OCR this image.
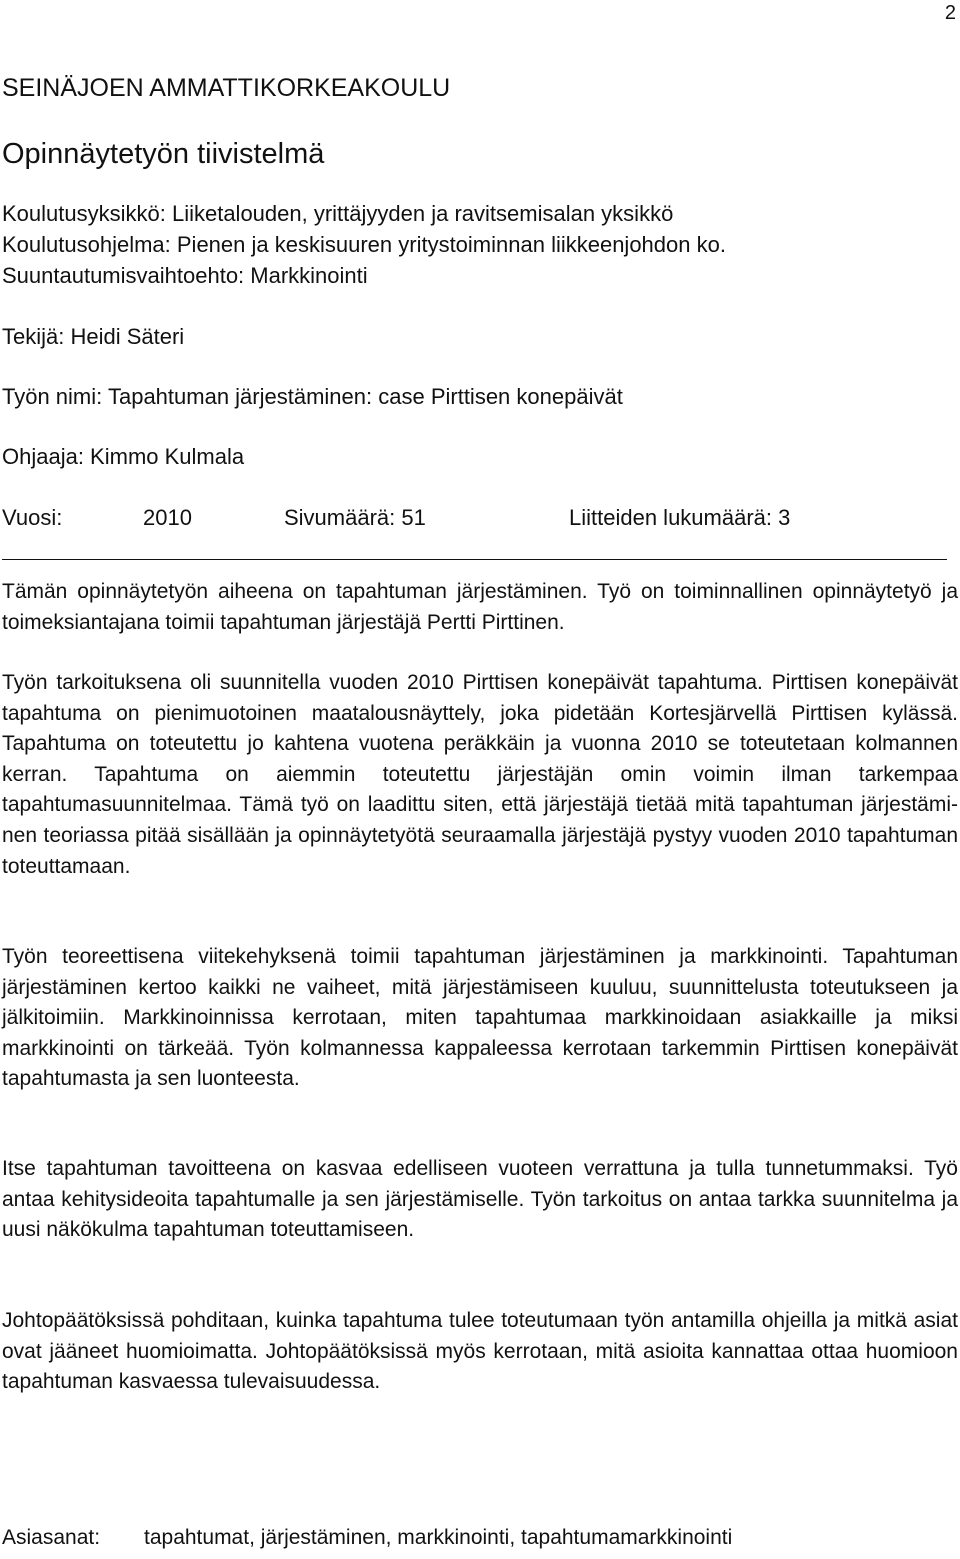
2
SEINÄJOEN AMMATTIKORKEAKOULU
Opinnäytetyön tiivistelmä
Koulutusyksikkö: Liiketalouden, yrittäjyyden ja ravitsemisalan yksikkö
Koulutusohjelma: Pienen ja keskisuuren yritystoiminnan liikkeenjohdon ko.
Suuntautumisvaihtoehto: Markkinointi
Tekijä: Heidi Säteri
Työn nimi: Tapahtuman järjestäminen: case Pirttisen konepäivät
Ohjaaja: Kimmo Kulmala
Vuosi:	2010	Sivumäärä: 51	Liitteiden lukumäärä: 3

Tämän opinnäytetyön aiheena on tapahtuman järjestäminen. Työ on toiminnallinen opinnäytetyö ja toimeksiantajana toimii tapahtuman järjestäjä Pertti Pirttinen.

Työn tarkoituksena oli suunnitella vuoden 2010 Pirttisen konepäivät tapahtuma. Pirttisen konepäivät tapahtuma on pienimuotoinen maatalousnäyttely, joka pidetään Kortesjärvellä Pirttisen kylässä. Tapahtuma on toteutettu jo kahtena vuotena peräkkäin ja vuonna 2010 se toteutetaan kolmannen kerran. Tapahtuma on aiemmin toteutettu järjestäjän omin voimin ilman tarkempaa tapahtumasuunnitelmaa. Tämä työ on laadittu siten, että järjestäjä tietää mitä tapahtuman järjestäminen teoriassa pitää sisällään ja opinnäytetyötä seuraamalla järjestäjä pystyy vuoden 2010 tapahtuman toteuttamaan.

Työn teoreettisena viitekehyksenä toimii tapahtuman järjestäminen ja markkinointi. Tapahtuman järjestäminen kertoo kaikki ne vaiheet, mitä järjestämiseen kuuluu, suunnittelusta toteutukseen ja jälkitoimiin. Markkinoinnissa kerrotaan, miten tapahtumaa markkinoidaan asiakkaille ja miksi markkinointi on tärkeää. Työn kolmannessa kappaleessa kerrotaan tarkemmin Pirttisen konepäivät tapahtumasta ja sen luonteesta.

Itse tapahtuman tavoitteena on kasvaa edelliseen vuoteen verrattuna ja tulla tunnetummaksi. Työ antaa kehitysideoita tapahtumalle ja sen järjestämiselle. Työn tarkoitus on antaa tarkka suunnitelma ja uusi näkökulma tapahtuman toteuttamiseen.

Johtopäätöksissä pohditaan, kuinka tapahtuma tulee toteutumaan työn antamilla ohjeilla ja mitkä asiat ovat jääneet huomioimatta. Johtopäätöksissä myös kerrotaan, mitä asioita kannattaa ottaa huomioon tapahtuman kasvaessa tulevaisuudessa.

Asiasanat: tapahtumat, järjestäminen, markkinointi, tapahtumamarkkinointi
